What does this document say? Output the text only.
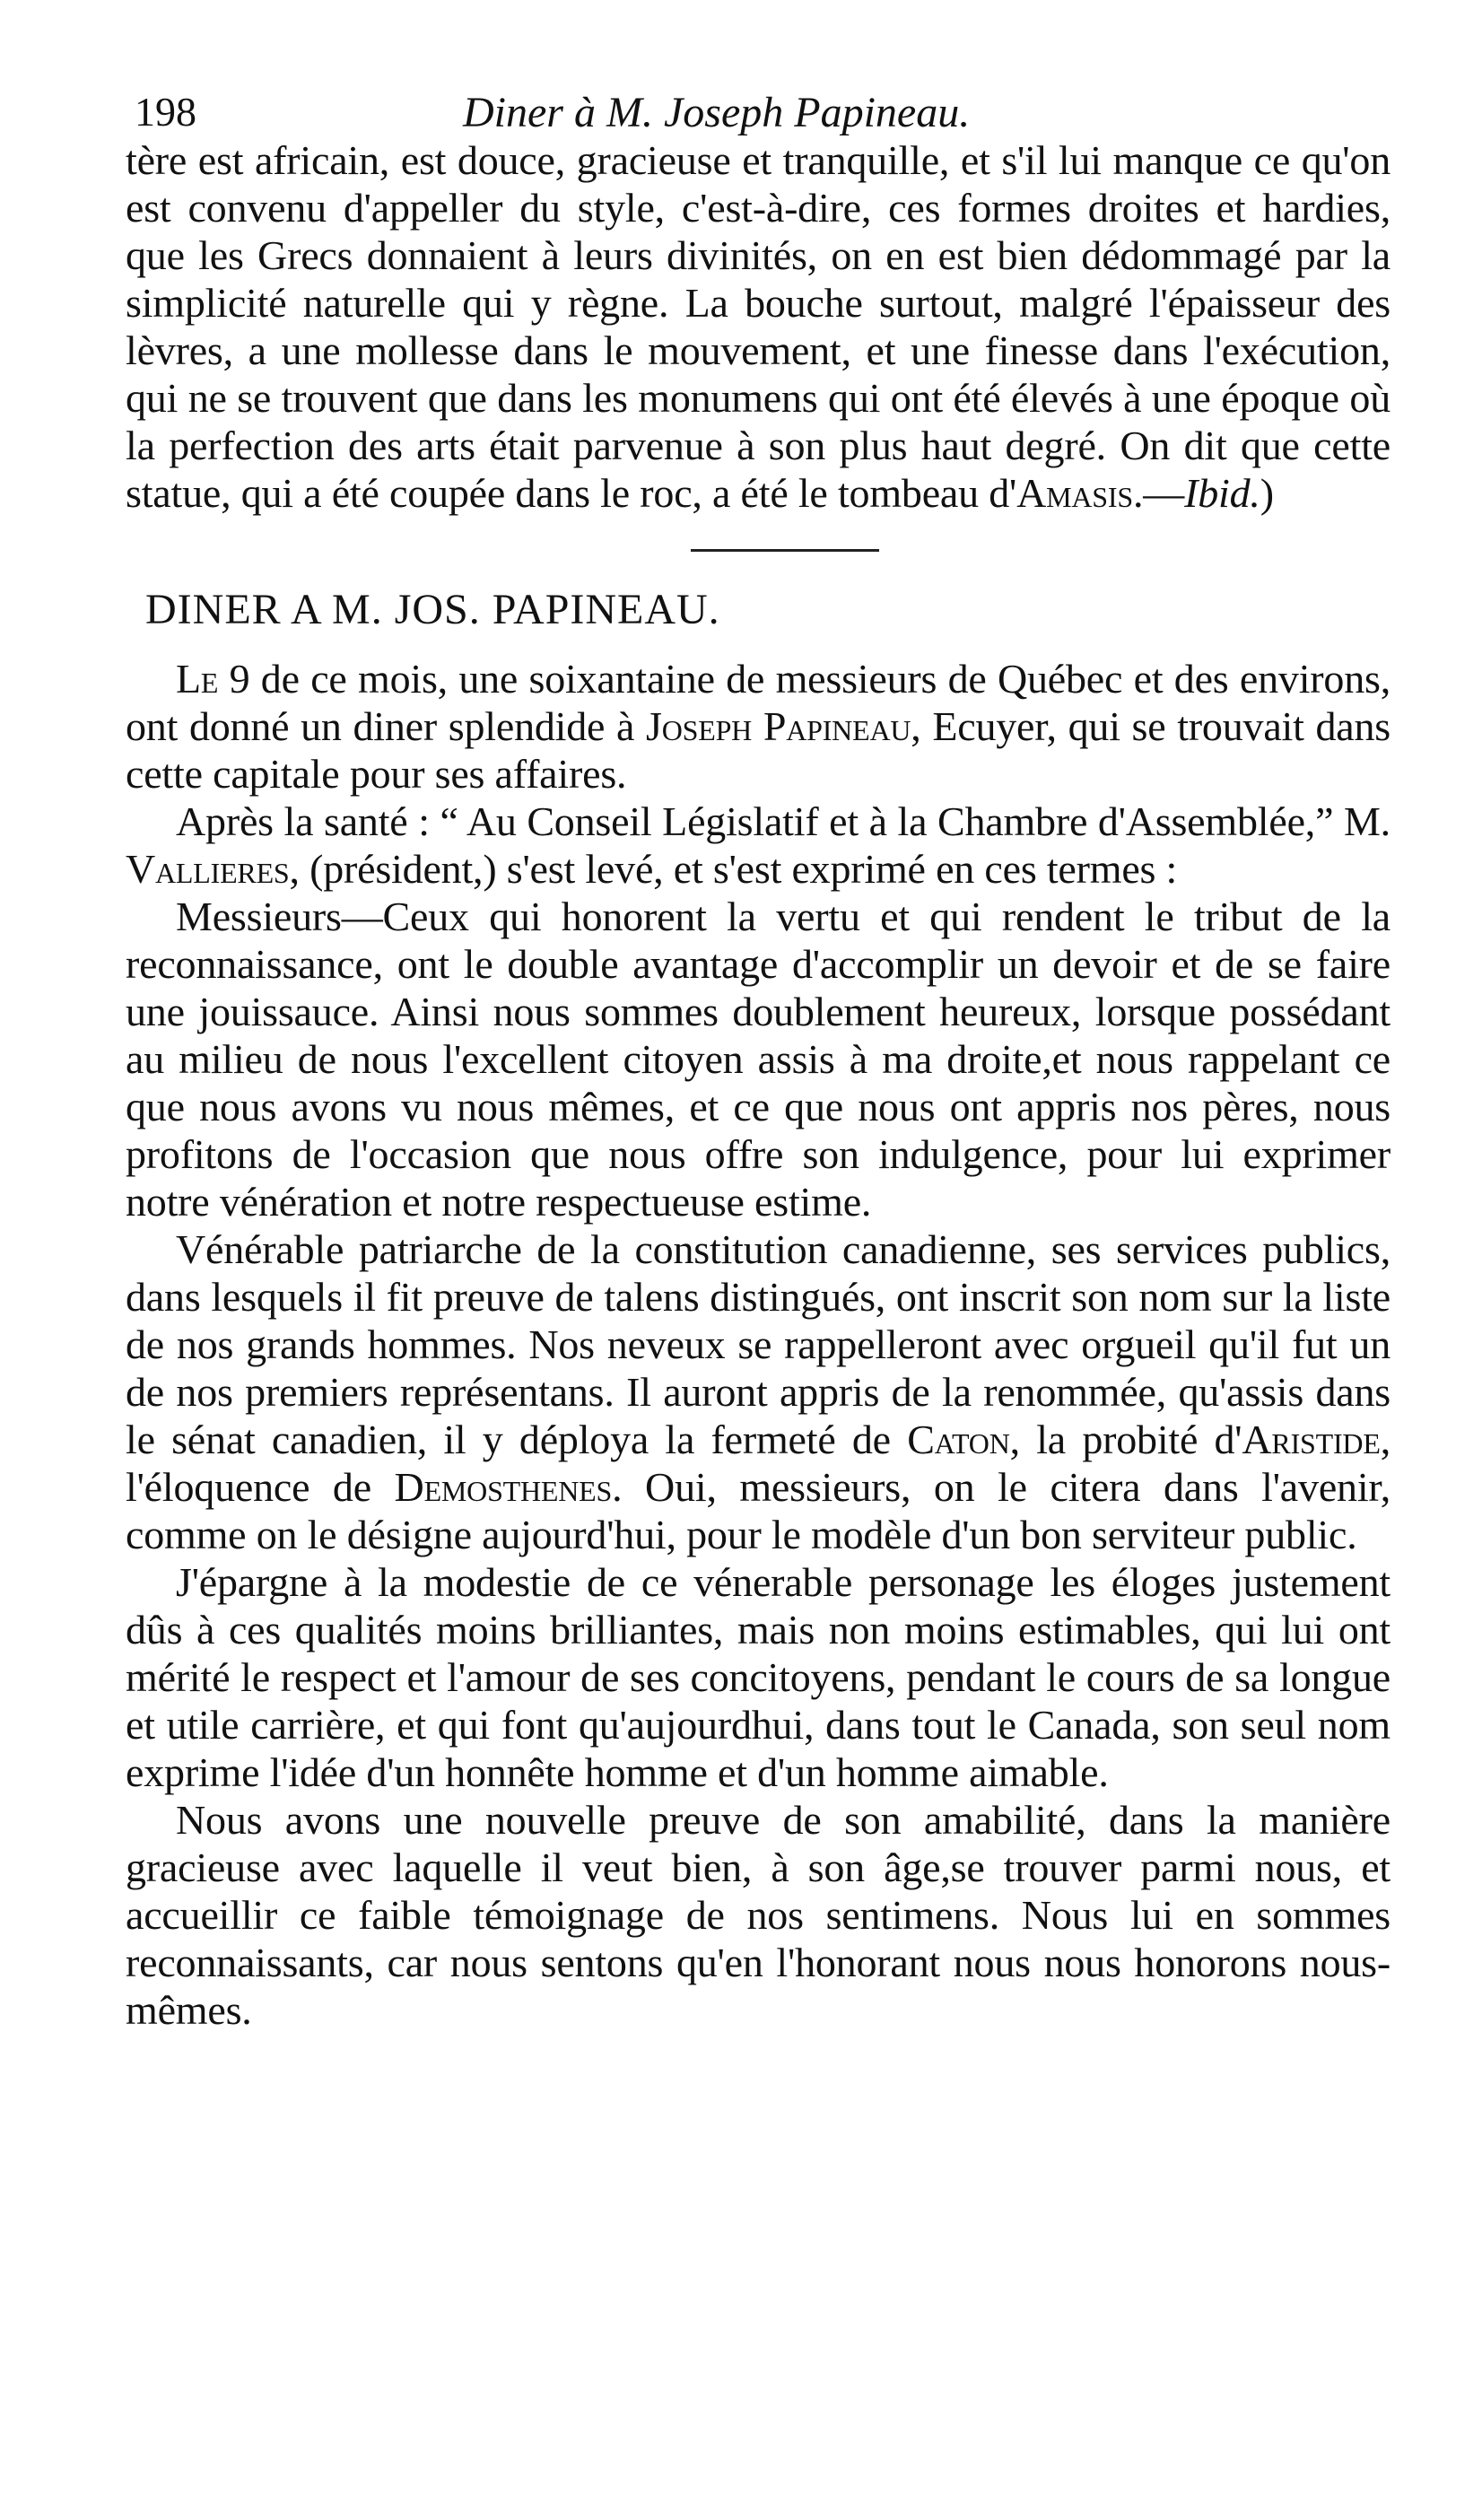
198	Diner à M. Joseph Papineau.

tère est africain, est douce, gracieuse et tranquille, et s'il lui manque ce qu'on est convenu d'appeller du style, c'est-à-dire, ces formes droites et hardies, que les Grecs donnaient à leurs divinités, on en est bien dédommagé par la simplicité naturelle qui y règne. La bouche surtout, malgré l'épaisseur des lèvres, a une mollesse dans le mouvement, et une finesse dans l'exécution, qui ne se trouvent que dans les monumens qui ont été élevés à une époque où la perfection des arts était parvenue à son plus haut degré. On dit que cette statue, qui a été coupée dans le roc, a été le tombeau d'Amasis.—Ibid.)

DINER A M. JOS. PAPINEAU.

Le 9 de ce mois, une soixantaine de messieurs de Québec et des environs, ont donné un diner splendide à Joseph Papineau, Ecuyer, qui se trouvait dans cette capitale pour ses affaires.

Après la santé : “ Au Conseil Législatif et à la Chambre d'Assemblée,” M. Vallieres, (président,) s'est levé, et s'est exprimé en ces termes :

Messieurs—Ceux qui honorent la vertu et qui rendent le tribut de la reconnaissance, ont le double avantage d'accomplir un devoir et de se faire une jouissauce. Ainsi nous sommes doublement heureux, lorsque possédant au milieu de nous l'excellent citoyen assis à ma droite,et nous rappelant ce que nous avons vu nous mêmes, et ce que nous ont appris nos pères, nous profitons de l'occasion que nous offre son indulgence, pour lui exprimer notre vénération et notre respectueuse estime.

Vénérable patriarche de la constitution canadienne, ses services publics, dans lesquels il fit preuve de talens distingués, ont inscrit son nom sur la liste de nos grands hommes. Nos neveux se rappelleront avec orgueil qu'il fut un de nos premiers représentans. Il auront appris de la renommée, qu'assis dans le sénat canadien, il y déploya la fermeté de Caton, la probité d'Aristide, l'éloquence de Demosthenes. Oui, messieurs, on le citera dans l'avenir, comme on le désigne aujourd'hui, pour le modèle d'un bon serviteur public.

J'épargne à la modestie de ce vénerable personage les éloges justement dûs à ces qualités moins brilliantes, mais non moins estimables, qui lui ont mérité le respect et l'amour de ses concitoyens, pendant le cours de sa longue et utile carrière, et qui font qu'aujourdhui, dans tout le Canada, son seul nom exprime l'idée d'un honnête homme et d'un homme aimable.

Nous avons une nouvelle preuve de son amabilité, dans la manière gracieuse avec laquelle il veut bien, à son âge,se trouver parmi nous, et accueillir ce faible témoignage de nos sentimens. Nous lui en sommes reconnaissants, car nous sentons qu'en l'honorant nous nous honorons nous-mêmes.
